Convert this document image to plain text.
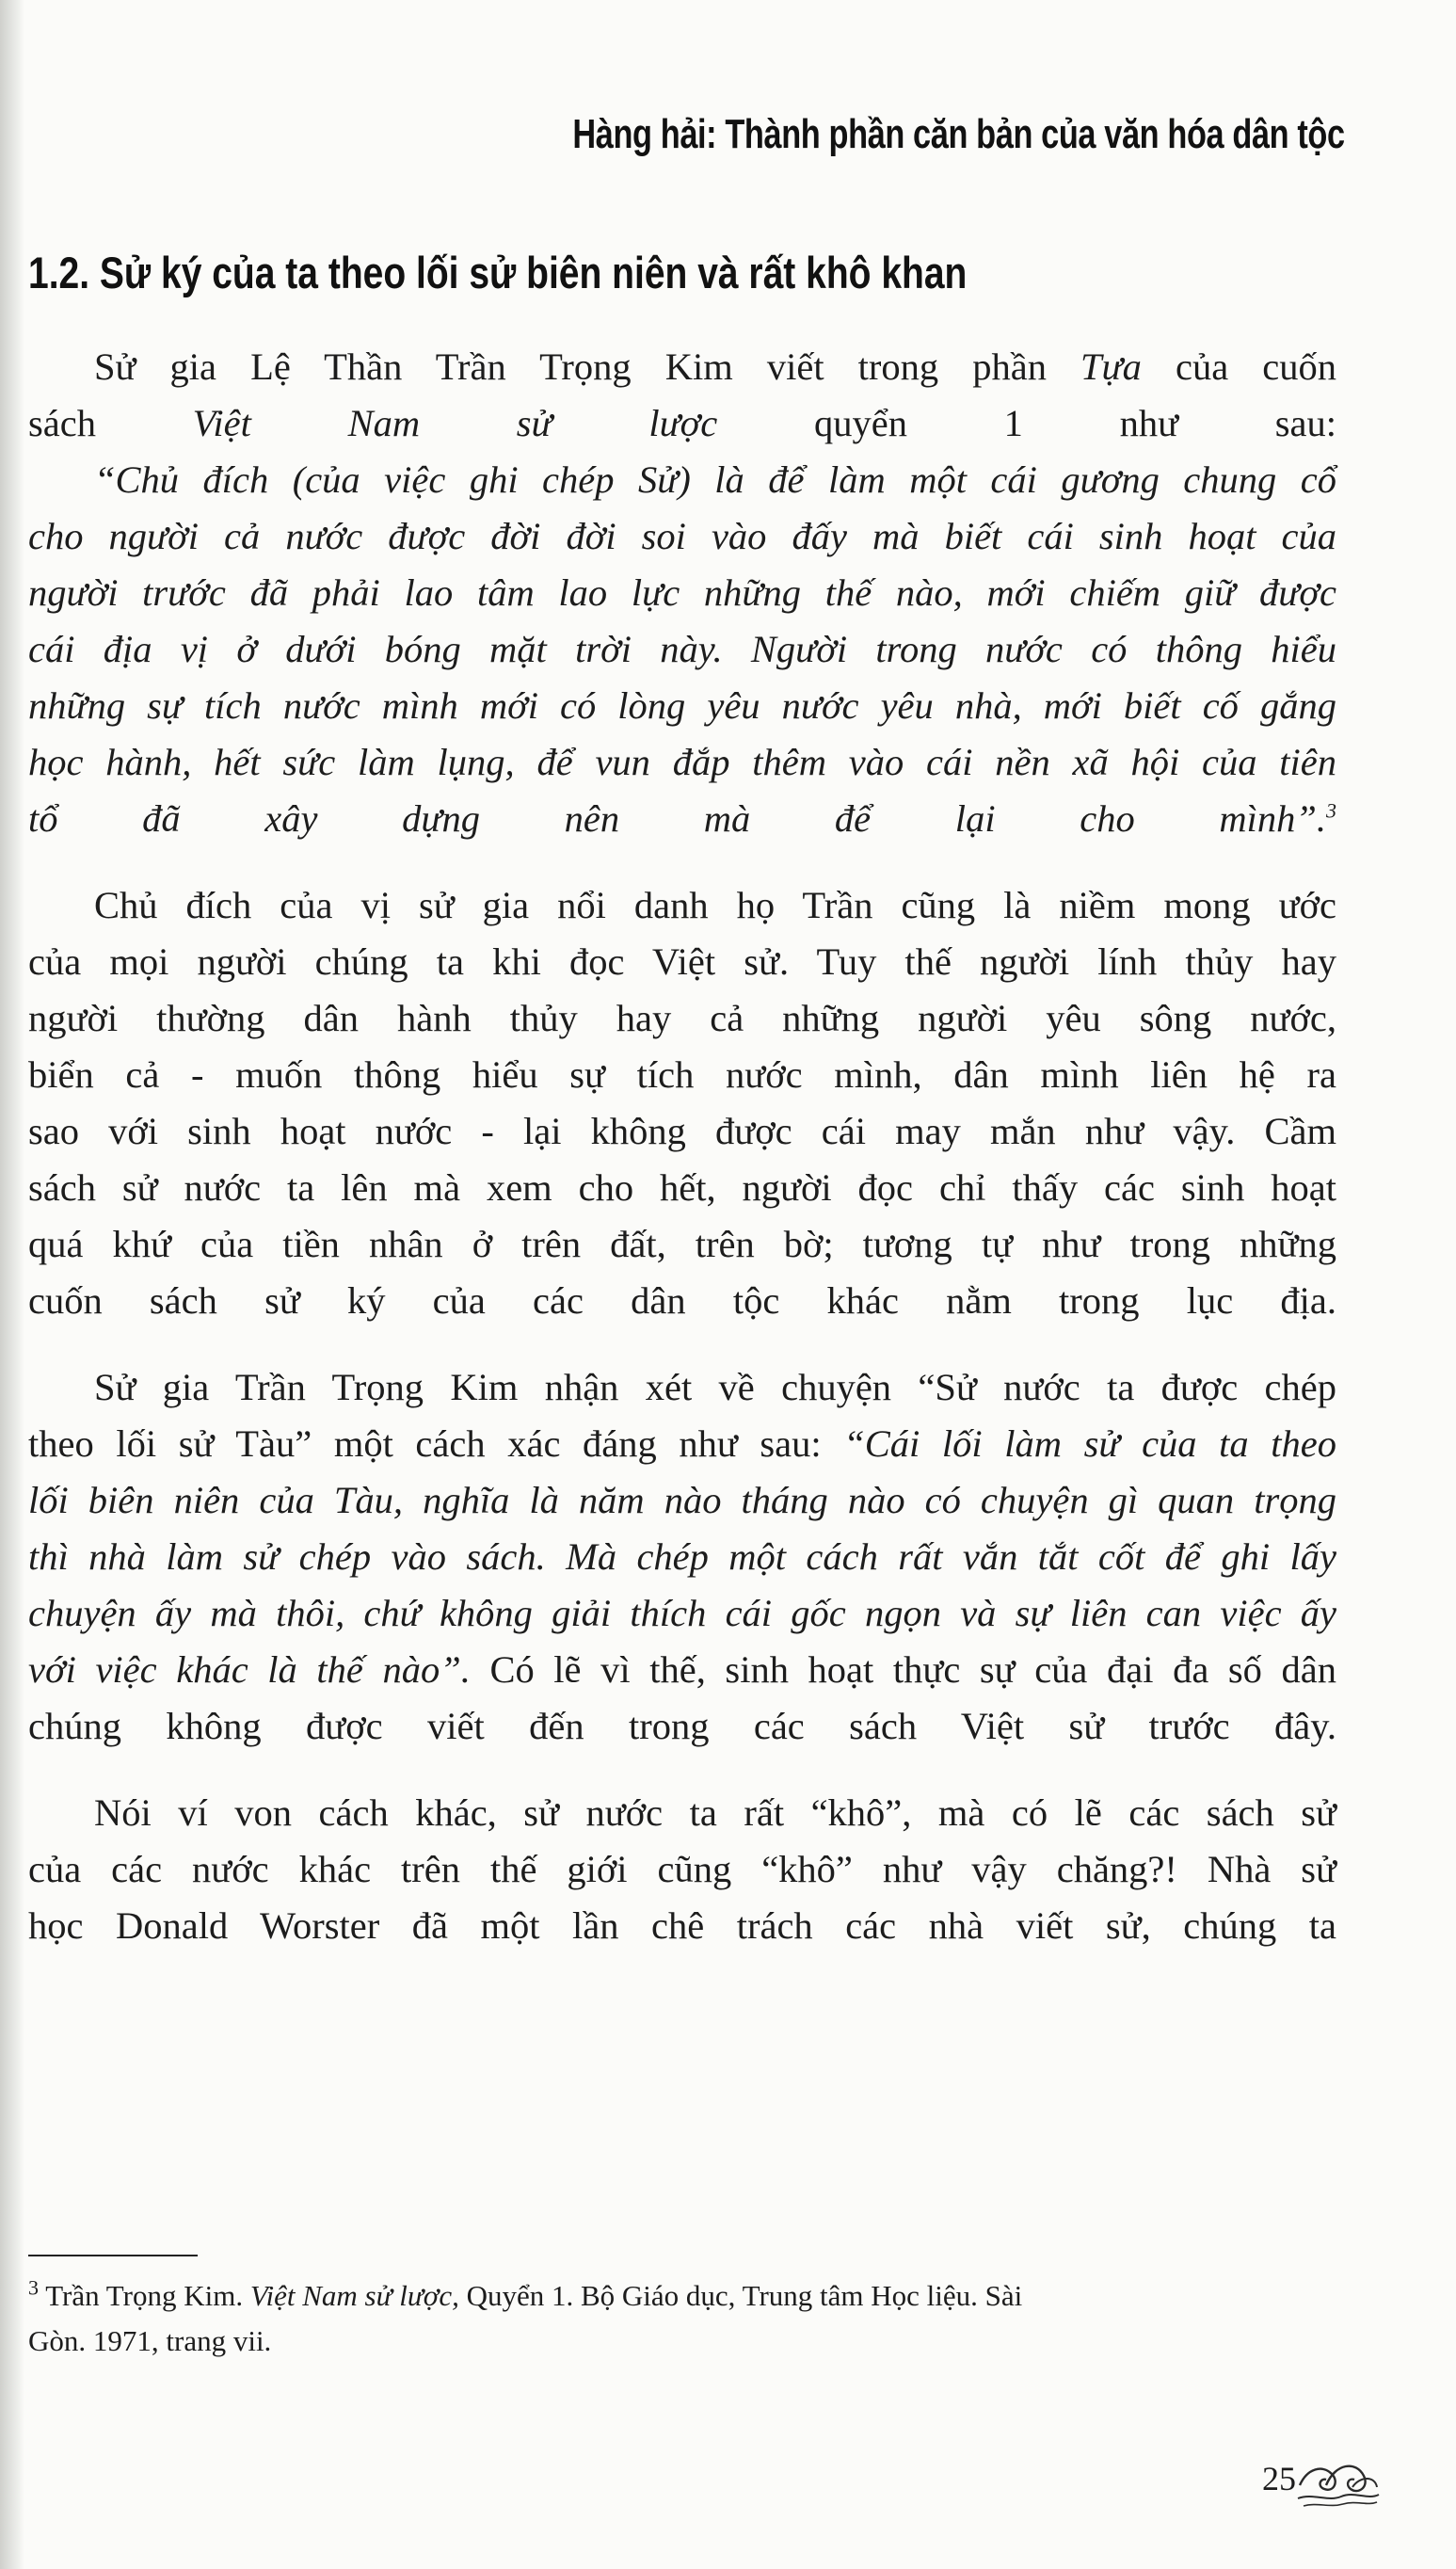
Hàng hải: Thành phần căn bản của văn hóa dân tộc
1.2. Sử ký của ta theo lối sử biên niên và rất khô khan

Sử gia Lệ Thần Trần Trọng Kim viết trong phần Tựa của cuốn
sách Việt Nam sử lược quyển 1 như sau:

“Chủ đích (của việc ghi chép Sử) là để làm một cái gương chung cổ
cho người cả nước được đời đời soi vào đấy mà biết cái sinh hoạt của
người trước đã phải lao tâm lao lực những thế nào, mới chiếm giữ được
cái địa vị ở dưới bóng mặt trời này. Người trong nước có thông hiểu
những sự tích nước mình mới có lòng yêu nước yêu nhà, mới biết cố gắng
học hành, hết sức làm lụng, để vun đắp thêm vào cái nền xã hội của tiên
tổ đã xây dựng nên mà để lại cho mình”.$^3$

Chủ đích của vị sử gia nổi danh họ Trần cũng là niềm mong ước
của mọi người chúng ta khi đọc Việt sử. Tuy thế người lính thủy hay
người thường dân hành thủy hay cả những người yêu sông nước,
biển cả - muốn thông hiểu sự tích nước mình, dân mình liên hệ ra
sao với sinh hoạt nước - lại không được cái may mắn như vậy. Cầm
sách sử nước ta lên mà xem cho hết, người đọc chỉ thấy các sinh hoạt
quá khứ của tiền nhân ở trên đất, trên bờ; tương tự như trong những
cuốn sách sử ký của các dân tộc khác nằm trong lục địa.

Sử gia Trần Trọng Kim nhận xét về chuyện “Sử nước ta được chép
theo lối sử Tàu” một cách xác đáng như sau: “Cái lối làm sử của ta theo
lối biên niên của Tàu, nghĩa là năm nào tháng nào có chuyện gì quan trọng
thì nhà làm sử chép vào sách. Mà chép một cách rất vắn tắt cốt để ghi lấy
chuyện ấy mà thôi, chứ không giải thích cái gốc ngọn và sự liên can việc ấy
với việc khác là thế nào”. Có lẽ vì thế, sinh hoạt thực sự của đại đa số dân
chúng không được viết đến trong các sách Việt sử trước đây.

Nói ví von cách khác, sử nước ta rất “khô”, mà có lẽ các sách sử
của các nước khác trên thế giới cũng “khô” như vậy chăng?! Nhà sử
học Donald Worster đã một lần chê trách các nhà viết sử, chúng ta

$^3$ Trần Trọng Kim. Việt Nam sử lược, Quyển 1. Bộ Giáo dục, Trung tâm Học liệu. Sài
Gòn. 1971, trang vii.
25
